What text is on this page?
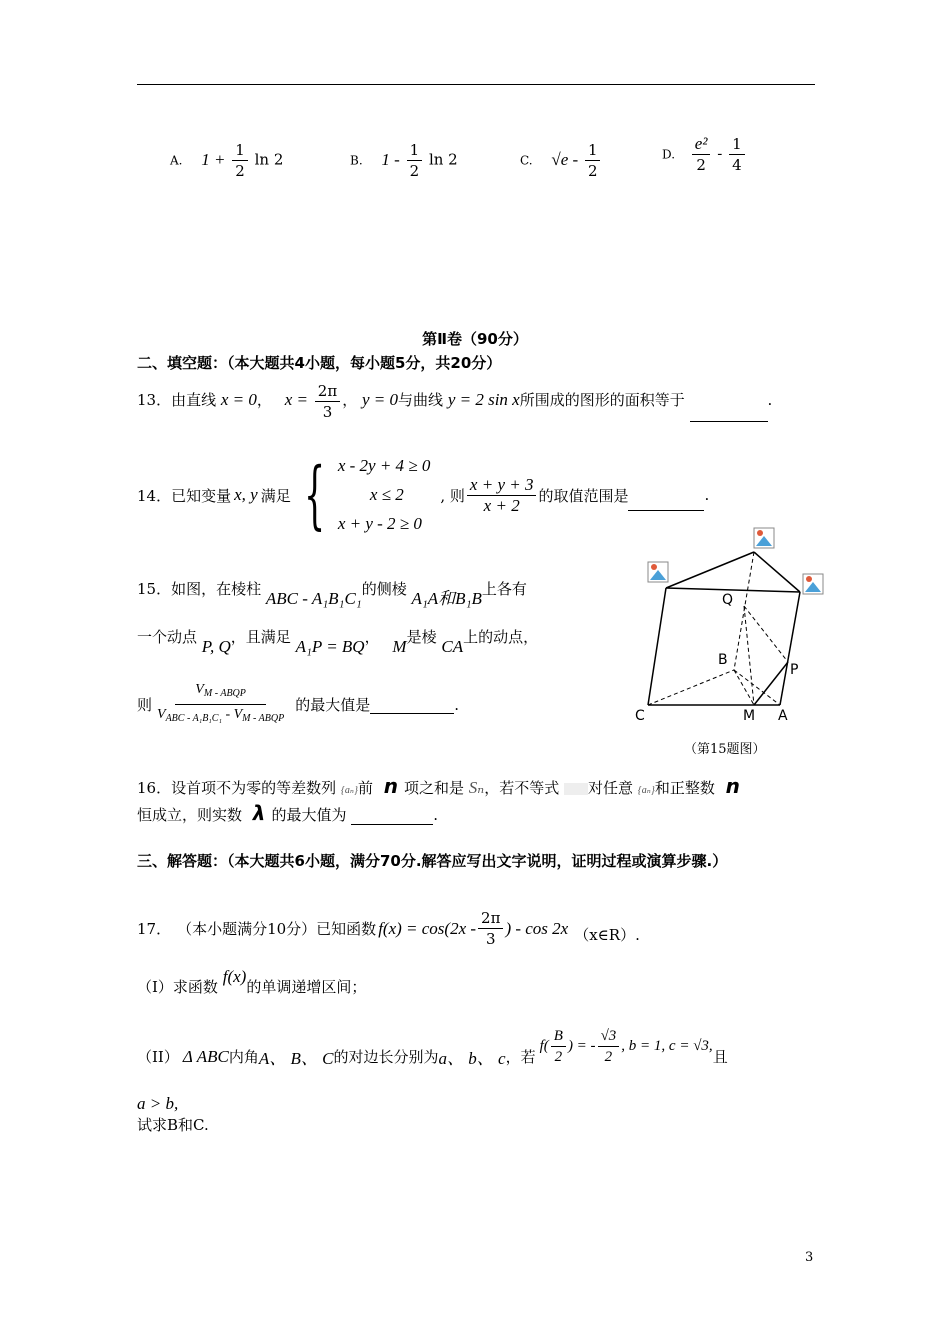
A. $1 + \frac{1}{2}$ ln 2	B. $1 - \frac{1}{2}$ ln 2	C. $√e - \frac{1}{2}$	D. $\frac{\text{e²}}{2} - \frac{1}{4}$
第Ⅱ卷（90分）
二、填空题：（本大题共4小题，每小题5分，共20分）
13．由直线 x = 0， $x = \frac{2\pi}{3}$ ， y = 0与曲线 y = 2 sin x所围成的图形的面积等于	.
14． 已知变量 x, y 满足 { x - 2y + 4 ≥ 0
x ≤ 2
x + y - 2 ≥ 0
, 则 $\frac{x + y + 3}{x + 2}$ 的取值范围是	.
15．如图，在棱柱 ABC - A₁B₁C₁的侧棱 A₁A和B₁B上各有
一个动点 P, Q，且满足 A₁P = BQ， M是棱 CA上的动点，
则 $\frac{V_{M - ABQP}}{V_{ABC - A_1B_1C_1} - V_{M - ABQP}}$ 的最大值是	.
Q
B
P
C	M A
（第15题图）
16．设首项不为零的等差数列 {aₙ}前 n 项之和是 Sₙ，若不等式 对任意 {aₙ}和正整数 n
恒成立，则实数 λ 的最大值为	.
三、解答题：（本大题共6小题，满分70分.解答应写出文字说明，证明过程或演算步骤.）
17． （本小题满分10分）已知函数 $f(x) = \cos(2x - \frac{2\pi}{3}$ ) - cos 2x （x∈R）.
（I）求函数 f(x)的单调递增区间；
（II） Δ ABC 内角 A、 B、 C 的对边长分别为 a、 b、 c ，若
$f( \frac{B}{2}$ ) = - $\frac{√3}{2}$ , b = 1, c = √3,
且
a > b,
试求B和C.
3
